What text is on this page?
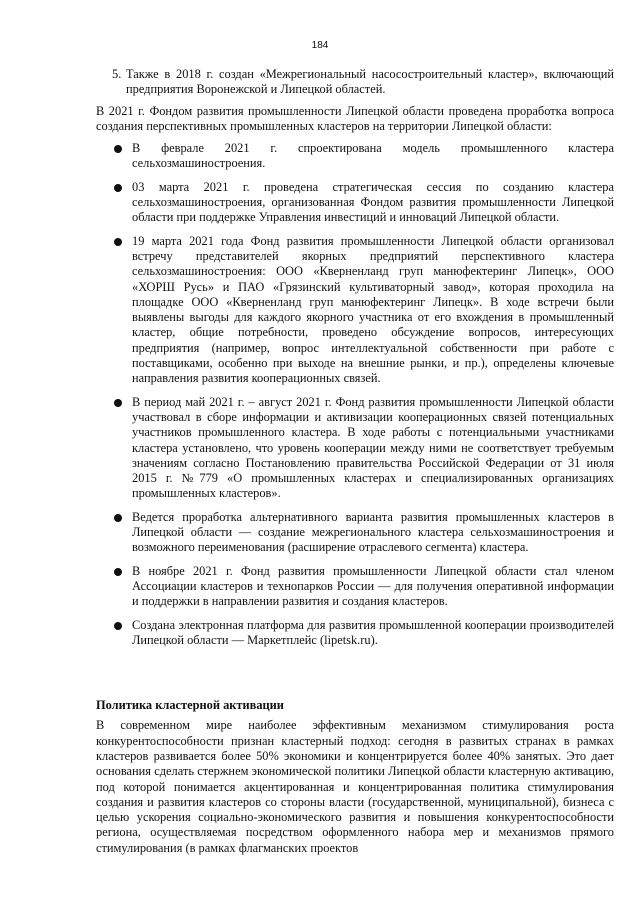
184
5. Также в 2018 г. создан «Межрегиональный насосостроительный кластер», включающий предприятия Воронежской и Липецкой областей.

В 2021 г. Фондом развития промышленности Липецкой области проведена проработка вопроса создания перспективных промышленных кластеров на территории Липецкой области:

В феврале 2021 г. спроектирована модель промышленного кластера сельхозмашиностроения.

03 марта 2021 г. проведена стратегическая сессия по созданию кластера сельхозмашиностроения, организованная Фондом развития промышленности Липецкой области при поддержке Управления инвестиций и инноваций Липецкой области.

19 марта 2021 года Фонд развития промышленности Липецкой области организовал встречу представителей якорных предприятий перспективного кластера сельхозмашиностроения: ООО «Кверненланд груп манюфектеринг Липецк», ООО «ХОРШ Русь» и ПАО «Грязинский культиваторный завод», которая проходила на площадке ООО «Кверненланд груп манюфектеринг Липецк». В ходе встречи были выявлены выгоды для каждого якорного участника от его вхождения в промышленный кластер, общие потребности, проведено обсуждение вопросов, интересующих предприятия (например, вопрос интеллектуальной собственности при работе с поставщиками, особенно при выходе на внешние рынки, и пр.), определены ключевые направления развития кооперационных связей.

В период май 2021 г. – август 2021 г. Фонд развития промышленности Липецкой области участвовал в сборе информации и активизации кооперационных связей потенциальных участников промышленного кластера. В ходе работы с потенциальными участниками кластера установлено, что уровень кооперации между ними не соответствует требуемым значениям согласно Постановлению правительства Российской Федерации от 31 июля 2015 г. №779 «О промышленных кластерах и специализированных организациях промышленных кластеров».

Ведется проработка альтернативного варианта развития промышленных кластеров в Липецкой области — создание межрегионального кластера сельхозмашиностроения и возможного переименования (расширение отраслевого сегмента) кластера.

В ноябре 2021 г. Фонд развития промышленности Липецкой области стал членом Ассоциации кластеров и технопарков России — для получения оперативной информации и поддержки в направлении развития и создания кластеров.

Создана электронная платформа для развития промышленной кооперации производителей Липецкой области — Маркетплейс (lipetsk.ru).

Политика кластерной активации

В современном мире наиболее эффективным механизмом стимулирования роста конкурентоспособности признан кластерный подход: сегодня в развитых странах в рамках кластеров развивается более 50% экономики и концентрируется более 40% занятых. Это дает основания сделать стержнем экономической политики Липецкой области кластерную активацию, под которой понимается акцентированная и концентрированная политика стимулирования создания и развития кластеров со стороны власти (государственной, муниципальной), бизнеса с целью ускорения социально-экономического развития и повышения конкурентоспособности региона, осуществляемая посредством оформленного набора мер и механизмов прямого стимулирования (в рамках флагманских проектов
